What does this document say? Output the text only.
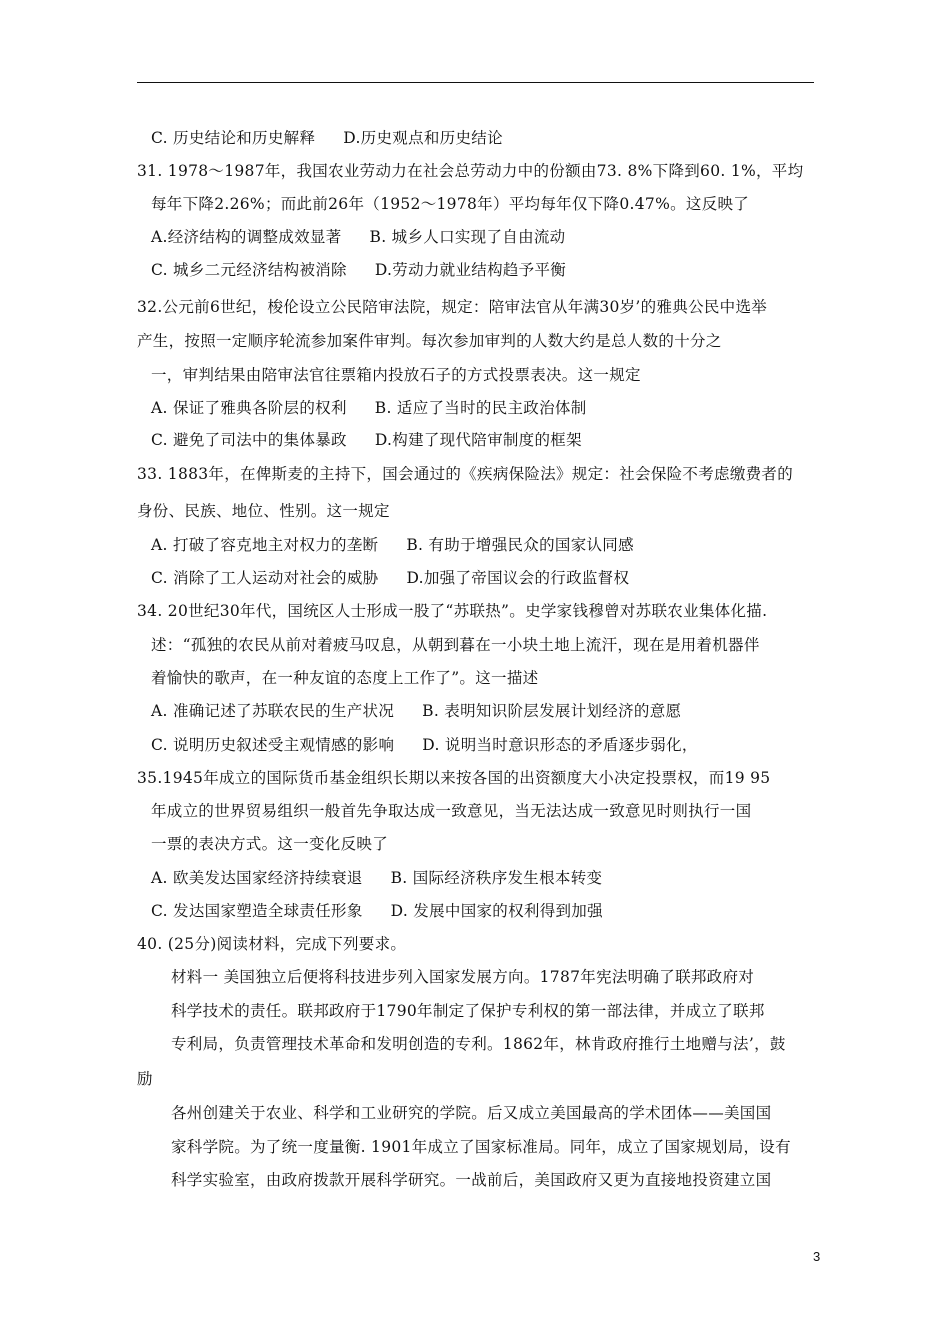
C. 历史结论和历史解释 D.历史观点和历史结论
31. 1978～1987年，我国农业劳动力在社会总劳动力中的份额由73. 8%下降到60. 1%，平均
每年下降2.26%；而此前26年（1952～1978年）平均每年仅下降0.47%。这反映了
A.经济结构的调整成效显著 B. 城乡人口实现了自由流动
C. 城乡二元经济结构被消除 D.劳动力就业结构趋予平衡
32.公元前6世纪，梭伦设立公民陪审法院，规定：陪审法官从年满30岁’的雅典公民中选举
产生，按照一定顺序轮流参加案件审判。每次参加审判的人数大约是总人数的十分之
一，审判结果由陪审法官往票箱内投放石子的方式投票表决。这一规定
A. 保证了雅典各阶层的权利 B. 适应了当时的民主政治体制
C. 避免了司法中的集体暴政 D.构建了现代陪审制度的框架
33. 1883年，在俾斯麦的主持下，国会通过的《疾病保险法》规定：社会保险不考虑缴费者的
身份、民族、地位、性别。这一规定
A. 打破了容克地主对权力的垄断 B. 有助于增强民众的国家认同感
C. 消除了工人运动对社会的威胁 D.加强了帝国议会的行政监督权
34. 20世纪30年代，国统区人士形成一股了“苏联热”。史学家钱穆曾对苏联农业集体化描.
述：“孤独的农民从前对着疲马叹息，从朝到暮在一小块土地上流汗，现在是用着机器伴
着愉快的歌声，在一种友谊的态度上工作了”。这一描述
A. 准确记述了苏联农民的生产状况 B. 表明知识阶层发展计划经济的意愿
C. 说明历史叙述受主观情感的影响 D. 说明当时意识形态的矛盾逐步弱化，
35.1945年成立的国际货币基金组织长期以来按各国的出资额度大小决定投票权，而19 95
年成立的世界贸易组织一般首先争取达成一致意见，当无法达成一致意见时则执行一国
一票的表决方式。这一变化反映了
A. 欧美发达国家经济持续衰退 B. 国际经济秩序发生根本转变
C. 发达国家塑造全球责任形象 D. 发展中国家的权利得到加强
40. (25分)阅读材料，完成下列要求。
材料一 美国独立后便将科技进步列入国家发展方向。1787年宪法明确了联邦政府对
科学技术的责任。联邦政府于1790年制定了保护专利权的第一部法律，并成立了联邦
专利局，负责管理技术革命和发明创造的专利。1862年，林肯政府推行土地赠与法’，鼓
励
各州创建关于农业、科学和工业研究的学院。后又成立美国最高的学术团体——美国国
家科学院。为了统一度量衡. 1901年成立了国家标准局。同年，成立了国家规划局，设有
科学实验室，由政府拨款开展科学研究。一战前后，美国政府又更为直接地投资建立国
3
